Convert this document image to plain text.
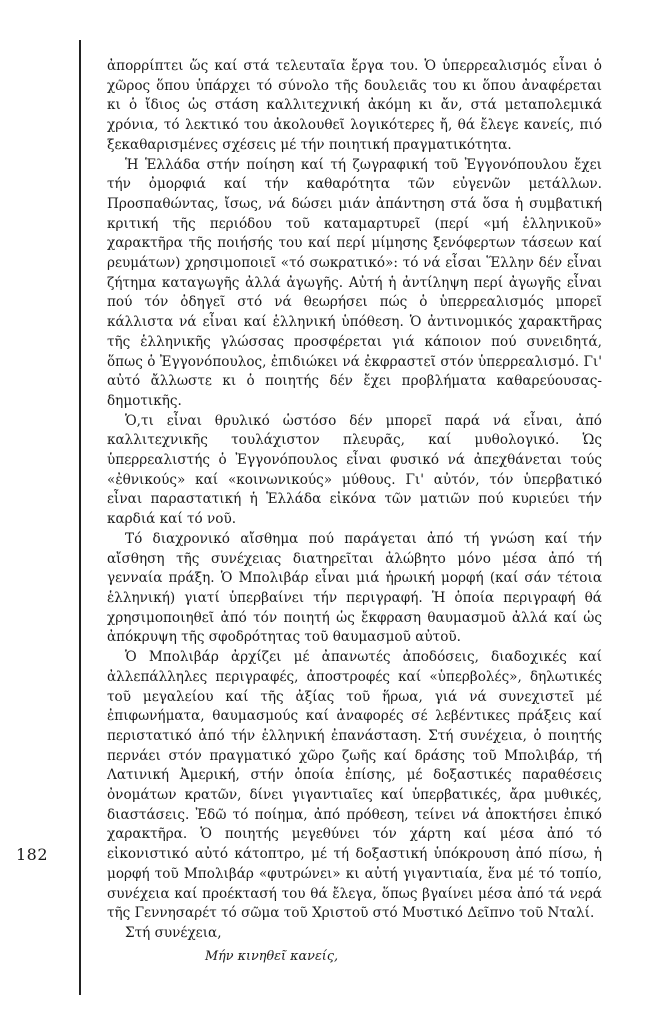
182

ἀπορρίπτει ὥς καί στά τελευταῖα ἔργα του. Ὁ ὑπερρεαλισμός εἶναι ὁ χῶρος ὅπου ὑπάρχει τό σύνολο τῆς δουλειᾶς του κι ὅπου ἀναφέρεται κι ὁ ἴδιος ὡς στάση καλλιτεχνική ἀκόμη κι ἄν, στά μεταπολεμικά χρόνια, τό λεκτικό του ἀκολουθεῖ λογικότερες ἤ, θά ἔλεγε κανείς, πιό ξεκαθαρισμένες σχέσεις μέ τήν ποιητική πραγματικότητα.

Ἡ Ἑλλάδα στήν ποίηση καί τή ζωγραφική τοῦ Ἐγγονόπουλου ἔχει τήν ὀμορφιά καί τήν καθαρότητα τῶν εὐγενῶν μετάλλων. Προσπαθώντας, ἴσως, νά δώσει μιάν ἀπάντηση στά ὅσα ἡ συμβατική κριτική τῆς περιόδου τοῦ καταμαρτυρεῖ (περί «μή ἑλληνικοῦ» χαρακτῆρα τῆς ποιήσής του καί περί μίμησης ξενόφερτων τάσεων καί ρευμάτων) χρησιμοποιεῖ «τό σωκρατικό»: τό νά εἶσαι Ἕλλην δέν εἶναι ζήτημα καταγωγῆς ἀλλά ἀγωγῆς. Αὐτή ἡ ἀντίληψη περί ἀγωγῆς εἶναι πού τόν ὁδηγεῖ στό νά θεωρήσει πώς ὁ ὑπερρεαλισμός μπορεῖ κάλλιστα νά εἶναι καί ἑλληνική ὑπόθεση. Ὁ ἀντινομικός χαρακτῆρας τῆς ἑλληνικῆς γλώσσας προσφέρεται γιά κάποιον πού συνειδητά, ὅπως ὁ Ἐγγονόπουλος, ἐπιδιώκει νά ἐκφραστεῖ στόν ὑπερρεαλισμό. Γι' αὐτό ἄλλωστε κι ὁ ποιητής δέν ἔχει προβλήματα καθαρεύουσας-δημοτικῆς.

Ὁ,τι εἶναι θρυλικό ὡστόσο δέν μπορεῖ παρά νά εἶναι, ἀπό καλλιτεχνικῆς τουλάχιστον πλευρᾶς, καί μυθολογικό. Ὡς ὑπερρεαλιστής ὁ Ἐγγονόπουλος εἶναι φυσικό νά ἀπεχθάνεται τούς «ἐθνικούς» καί «κοινωνικούς» μύθους. Γι' αὐτόν, τόν ὑπερβατικό εἶναι παραστατική ἡ Ἑλλάδα εἰκόνα τῶν ματιῶν πού κυριεύει τήν καρδιά καί τό νοῦ.

Τό διαχρονικό αἴσθημα πού παράγεται ἀπό τή γνώση καί τήν αἴσθηση τῆς συνέχειας διατηρεῖται ἀλώβητο μόνο μέσα ἀπό τή γενναία πράξη. Ὁ Μπολιβάρ εἶναι μιά ἡρωική μορφή (καί σάν τέτοια ἑλληνική) γιατί ὑπερβαίνει τήν περιγραφή. Ἡ ὁποία περιγραφή θά χρησιμοποιηθεῖ ἀπό τόν ποιητή ὡς ἔκφραση θαυμασμοῦ ἀλλά καί ὡς ἀπόκρυψη τῆς σφοδρότητας τοῦ θαυμασμοῦ αὐτοῦ.

Ὁ Μπολιβάρ ἀρχίζει μέ ἀπανωτές ἀποδόσεις, διαδοχικές καί ἀλλεπάλληλες περιγραφές, ἀποστροφές καί «ὑπερβολές», δηλωτικές τοῦ μεγαλείου καί τῆς ἀξίας τοῦ ἥρωα, γιά νά συνεχιστεῖ μέ ἐπιφωνήματα, θαυμασμούς καί ἀναφορές σέ λεβέντικες πράξεις καί περιστατικό ἀπό τήν ἑλληνική ἐπανάσταση. Στή συνέχεια, ὁ ποιητής περνάει στόν πραγματικό χῶρο ζωῆς καί δράσης τοῦ Μπολιβάρ, τή Λατινική Ἀμερική, στήν ὁποία ἐπίσης, μέ δοξαστικές παραθέσεις ὀνομάτων κρατῶν, δίνει γιγαντιαῖες καί ὑπερβατικές, ἄρα μυθικές, διαστάσεις. Ἐδῶ τό ποίημα, ἀπό πρόθεση, τείνει νά ἀποκτήσει ἐπικό χαρακτῆρα. Ὁ ποιητής μεγεθύνει τόν χάρτη καί μέσα ἀπό τό εἰκονιστικό αὐτό κάτοπτρο, μέ τή δοξαστική ὑπόκρουση ἀπό πίσω, ἡ μορφή τοῦ Μπολιβάρ «φυτρώνει» κι αὐτή γιγαντιαία, ἕνα μέ τό τοπίο, συνέχεια καί προέκτασή του θά ἔλεγα, ὅπως βγαίνει μέσα ἀπό τά νερά τῆς Γεννησαρέτ τό σῶμα τοῦ Χριστοῦ στό Μυστικό Δεῖπνο τοῦ Νταλί.

Στή συνέχεια,

Μήν κινηθεῖ κανείς,
